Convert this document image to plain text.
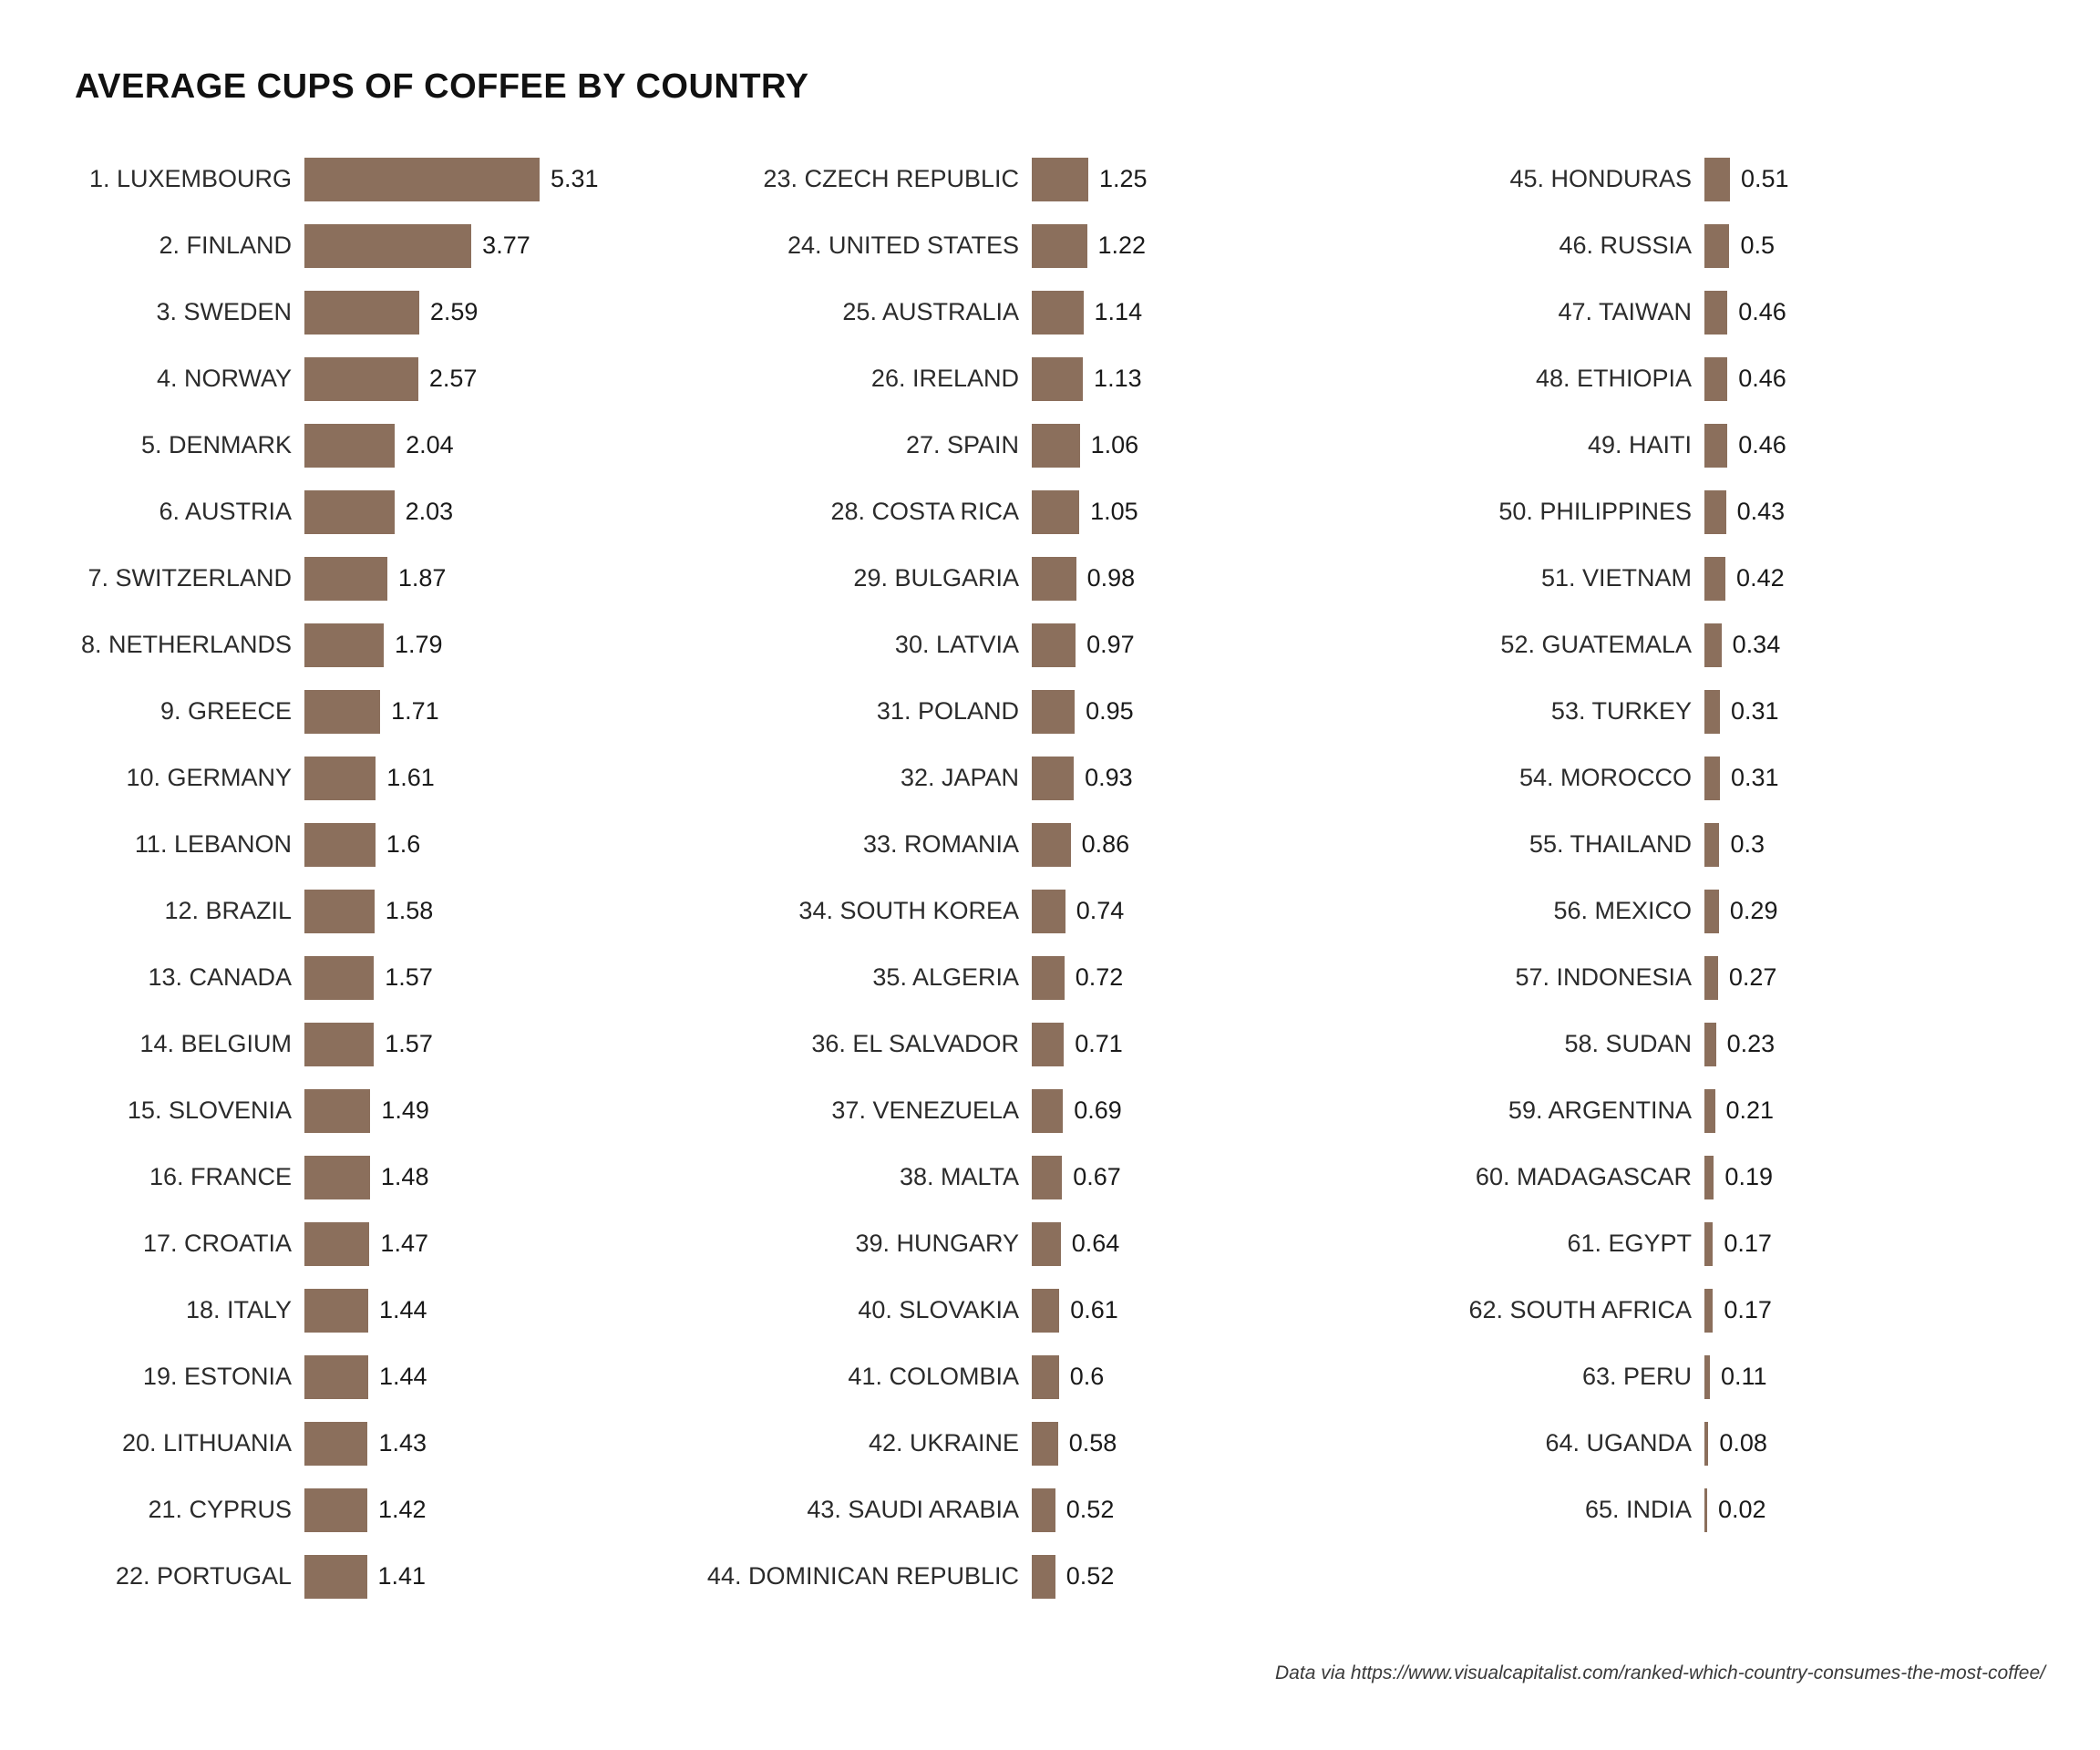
AVERAGE CUPS OF COFFEE BY COUNTRY
1. LUXEMBOURG	5.31
2. FINLAND	3.77
3. SWEDEN	2.59
4. NORWAY	2.57
5. DENMARK	2.04
6. AUSTRIA	2.03
7. SWITZERLAND	1.87
8. NETHERLANDS	1.79
9. GREECE	1.71
10. GERMANY	1.61
11. LEBANON	1.6
12. BRAZIL	1.58
13. CANADA	1.57
14. BELGIUM	1.57
15. SLOVENIA	1.49
16. FRANCE	1.48
17. CROATIA	1.47
18. ITALY	1.44
19. ESTONIA	1.44
20. LITHUANIA	1.43
21. CYPRUS	1.42
22. PORTUGAL	1.41
23. CZECH REPUBLIC	1.25
24. UNITED STATES	1.22
25. AUSTRALIA	1.14
26. IRELAND	1.13
27. SPAIN	1.06
28. COSTA RICA	1.05
29. BULGARIA	0.98
30. LATVIA	0.97
31. POLAND	0.95
32. JAPAN	0.93
33. ROMANIA	0.86
34. SOUTH KOREA	0.74
35. ALGERIA	0.72
36. EL SALVADOR	0.71
37. VENEZUELA	0.69
38. MALTA	0.67
39. HUNGARY	0.64
40. SLOVAKIA	0.61
41. COLOMBIA	0.6
42. UKRAINE	0.58
43. SAUDI ARABIA	0.52
44. DOMINICAN REPUBLIC	0.52
45. HONDURAS	0.51
46. RUSSIA	0.5
47. TAIWAN	0.46
48. ETHIOPIA	0.46
49. HAITI	0.46
50. PHILIPPINES	0.43
51. VIETNAM	0.42
52. GUATEMALA	0.34
53. TURKEY	0.31
54. MOROCCO	0.31
55. THAILAND	0.3
56. MEXICO	0.29
57. INDONESIA	0.27
58. SUDAN	0.23
59. ARGENTINA	0.21
60. MADAGASCAR	0.19
61. EGYPT	0.17
62. SOUTH AFRICA	0.17
63. PERU	0.11
64. UGANDA	0.08
65. INDIA	0.02
Data via https://www.visualcapitalist.com/ranked-which-country-consumes-the-most-coffee/
